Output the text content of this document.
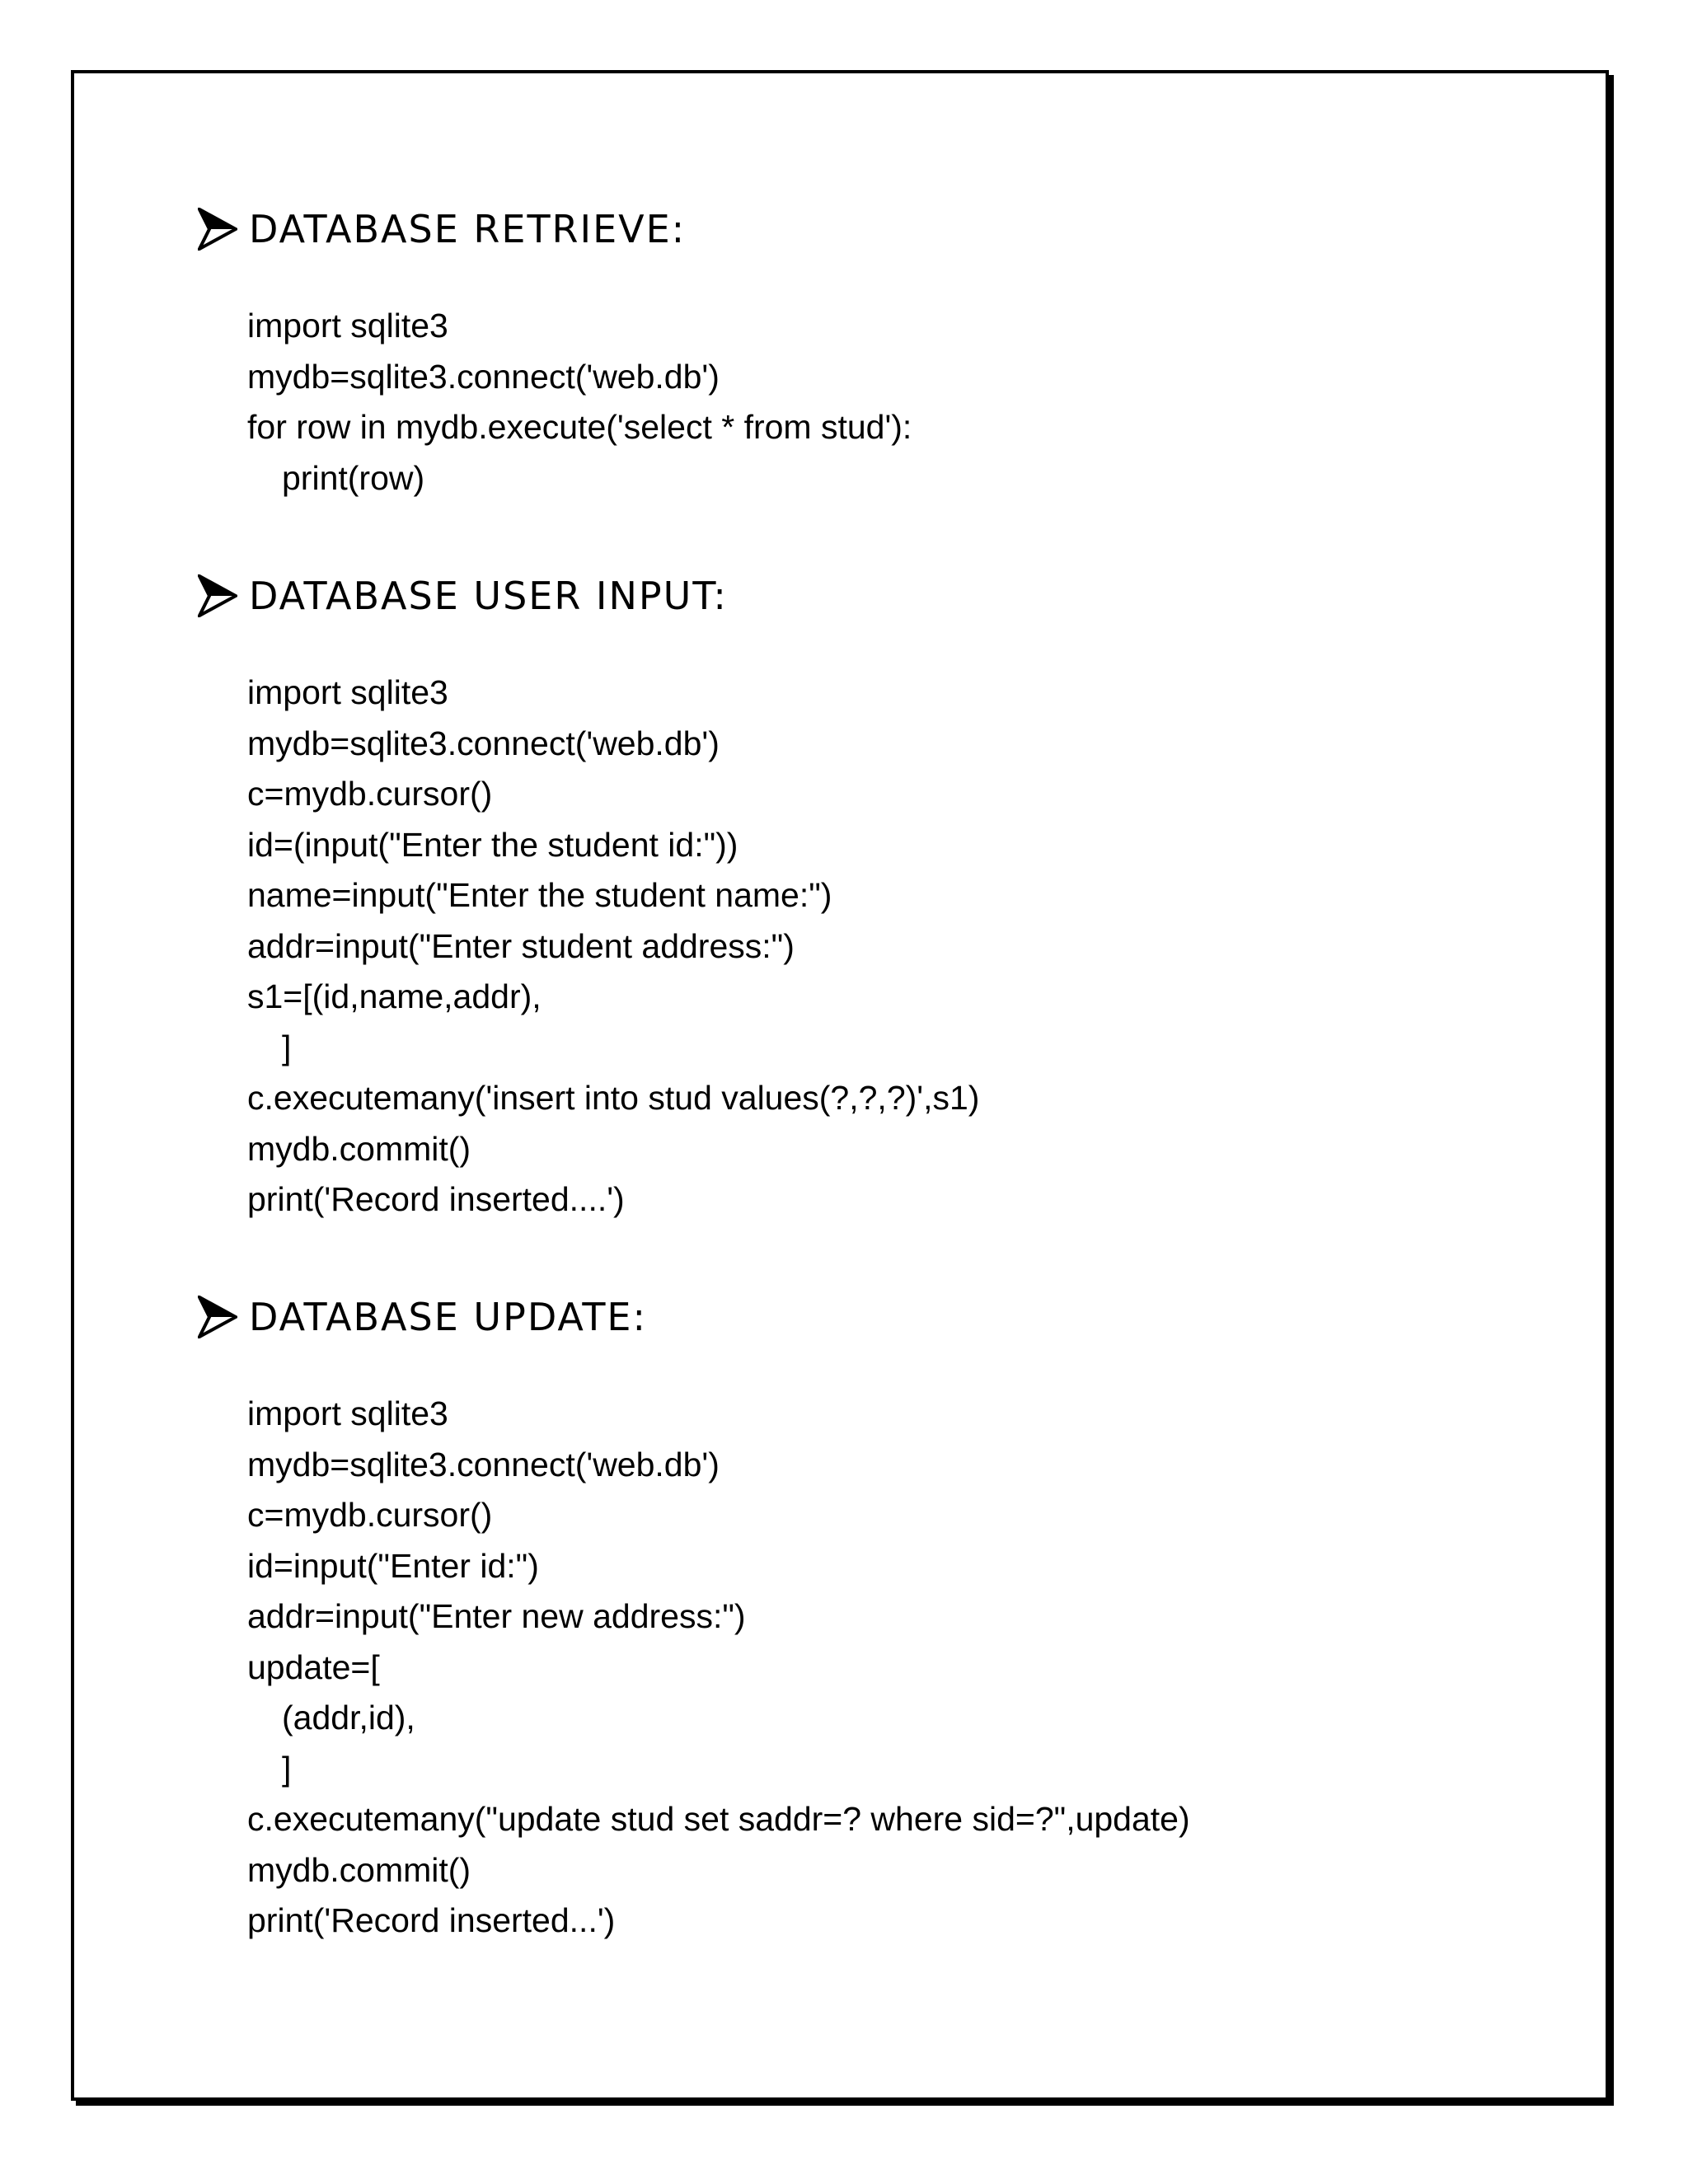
DATABASE RETRIEVE:
import sqlite3
mydb=sqlite3.connect('web.db')
for row in mydb.execute('select * from stud'):
print(row)
DATABASE USER INPUT:
import sqlite3
mydb=sqlite3.connect('web.db')
c=mydb.cursor()
id=(input("Enter the student id:"))
name=input("Enter the student name:")
addr=input("Enter student address:")
s1=[(id,name,addr),
]
c.executemany('insert into stud values(?,?,?)',s1)
mydb.commit()
print('Record inserted....')
DATABASE UPDATE:
import sqlite3
mydb=sqlite3.connect('web.db')
c=mydb.cursor()
id=input("Enter id:")
addr=input("Enter new address:")
update=[
(addr,id),
]
c.executemany("update stud set saddr=? where sid=?",update)
mydb.commit()
print('Record inserted...')
